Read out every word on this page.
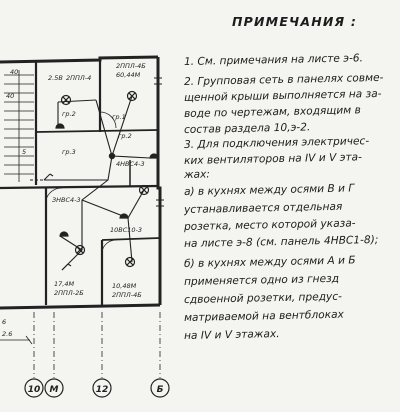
2.5В 2ППЛ-4
2ППЛ-4Б
60,44М
гр.2	гр.1
гр.2
гр.3
4НВС4-3
ЗНВС4-3
10ВС10-3
17,4М
2ППЛ-2Б
10,48М
2ППЛ-4Б
40
40
5
6
2.6
10 М	12	Б
ПРИМЕЧАНИЯ :
1. См. примечания на листе э-6.
2. Групповая сеть в панелях совме-
щенной крыши выполняется на за-
воде по чертежам, входящим в
состав раздела 10,э-2.
3. Для подключения электричес-
ких вентиляторов на IV и V эта-
жах:
а) в кухнях между осями В и Г
устанавливается отдельная
розетка, место которой указа-
на листе э-8 (см. панель 4НВС1-8);
б) в кухнях между осями А и Б
применяется одно из гнезд
сдвоенной розетки, предус-
матриваемой на вентблоках
на IV и V этажах.
